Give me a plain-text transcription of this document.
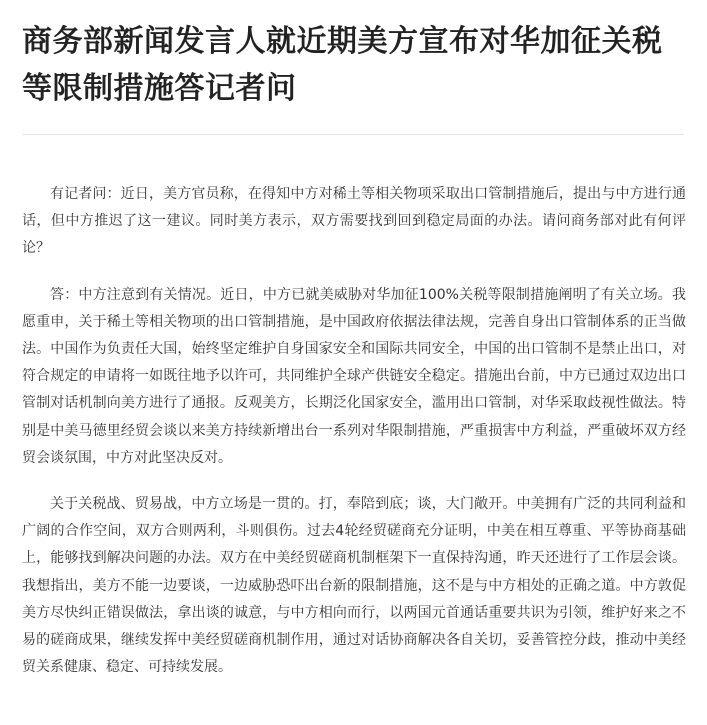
商务部新闻发言人就近期美方宣布对华加征关税等限制措施答记者问

有记者问：近日，美方官员称，在得知中方对稀土等相关物项采取出口管制措施后，提出与中方进行通话，但中方推迟了这一建议。同时美方表示，双方需要找到回到稳定局面的办法。请问商务部对此有何评论？

答：中方注意到有关情况。近日，中方已就美威胁对华加征100%关税等限制措施阐明了有关立场。我愿重申，关于稀土等相关物项的出口管制措施，是中国政府依据法律法规，完善自身出口管制体系的正当做法。中国作为负责任大国，始终坚定维护自身国家安全和国际共同安全，中国的出口管制不是禁止出口，对符合规定的申请将一如既往地予以许可，共同维护全球产供链安全稳定。措施出台前，中方已通过双边出口管制对话机制向美方进行了通报。反观美方，长期泛化国家安全，滥用出口管制，对华采取歧视性做法。特别是中美马德里经贸会谈以来美方持续新增出台一系列对华限制措施，严重损害中方利益，严重破坏双方经贸会谈氛围，中方对此坚决反对。

关于关税战、贸易战，中方立场是一贯的。打，奉陪到底；谈，大门敞开。中美拥有广泛的共同利益和广阔的合作空间，双方合则两利，斗则俱伤。过去4轮经贸磋商充分证明，中美在相互尊重、平等协商基础上，能够找到解决问题的办法。双方在中美经贸磋商机制框架下一直保持沟通，昨天还进行了工作层会谈。我想指出，美方不能一边要谈，一边威胁恐吓出台新的限制措施，这不是与中方相处的正确之道。中方敦促美方尽快纠正错误做法，拿出谈的诚意，与中方相向而行，以两国元首通话重要共识为引领，维护好来之不易的磋商成果，继续发挥中美经贸磋商机制作用，通过对话协商解决各自关切，妥善管控分歧，推动中美经贸关系健康、稳定、可持续发展。
